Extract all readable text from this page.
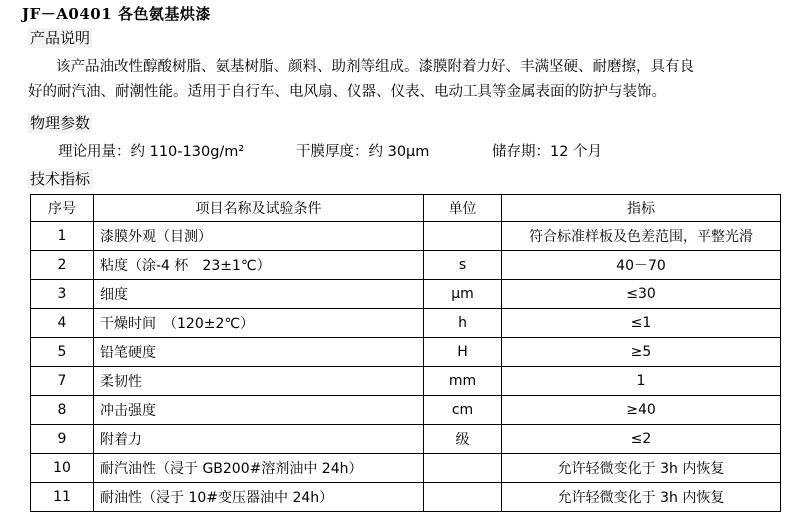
JF－A0401 各色氨基烘漆
产品说明

该产品油改性醇酸树脂、氨基树脂、颜料、助剂等组成。漆膜附着力好、丰满坚硬、耐磨擦，具有良

好的耐汽油、耐潮性能。适用于自行车、电风扇、仪器、仪表、电动工具等金属表面的防护与装饰。

物理参数
理论用量：约 110-130g/m²	干膜厚度：约 30μm	储存期：12 个月
技术指标
序号	项目名称及试验条件	单位	指标
1	漆膜外观（目测）		符合标准样板及色差范围，平整光滑
2	粘度（涂-4 杯　23±1℃）	s	40－70
3	细度	μm	≤30
4	干燥时间　（120±2℃）	h	≤1
5	铅笔硬度	H	≥5
7	柔韧性	mm	1
8	冲击强度	cm	≥40
9	附着力	级	≤2
10	耐汽油性（浸于 GB200#溶剂油中 24h）		允许轻微变化于 3h 内恢复
11	耐油性（浸于 10#变压器油中 24h）		允许轻微变化于 3h 内恢复
